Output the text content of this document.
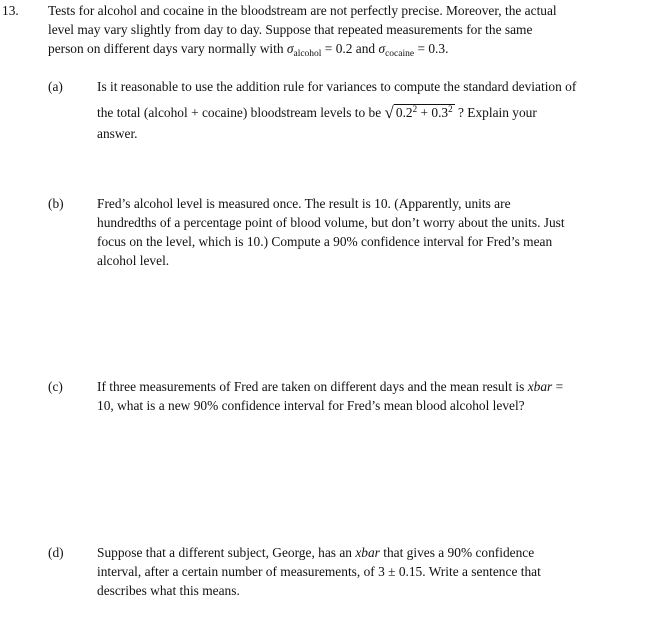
13. Tests for alcohol and cocaine in the bloodstream are not perfectly precise. Moreover, the actual
level may vary slightly from day to day. Suppose that repeated measurements for the same
person on different days vary normally with $\sigma_{alcohol} = 0.2$ and $\sigma_{cocaine} = 0.3$.
(a)	Is it reasonable to use the addition rule for variances to compute the standard deviation of
the total (alcohol + cocaine) bloodstream levels to be √ $0.2^2 + 0.3^2$ ? Explain your
answer.
(b) Fred’s alcohol level is measured once. The result is 10. (Apparently, units are
hundredths of a percentage point of blood volume, but don’t worry about the units. Just
focus on the level, which is 10.) Compute a 90% confidence interval for Fred’s mean
alcohol level.
(c)	If three measurements of Fred are taken on different days and the mean result is xbar =
10, what is a new 90% confidence interval for Fred’s mean blood alcohol level?
(d) Suppose that a different subject, George, has an xbar that gives a 90% confidence
interval, after a certain number of measurements, of 3 ± 0.15. Write a sentence that
describes what this means.
